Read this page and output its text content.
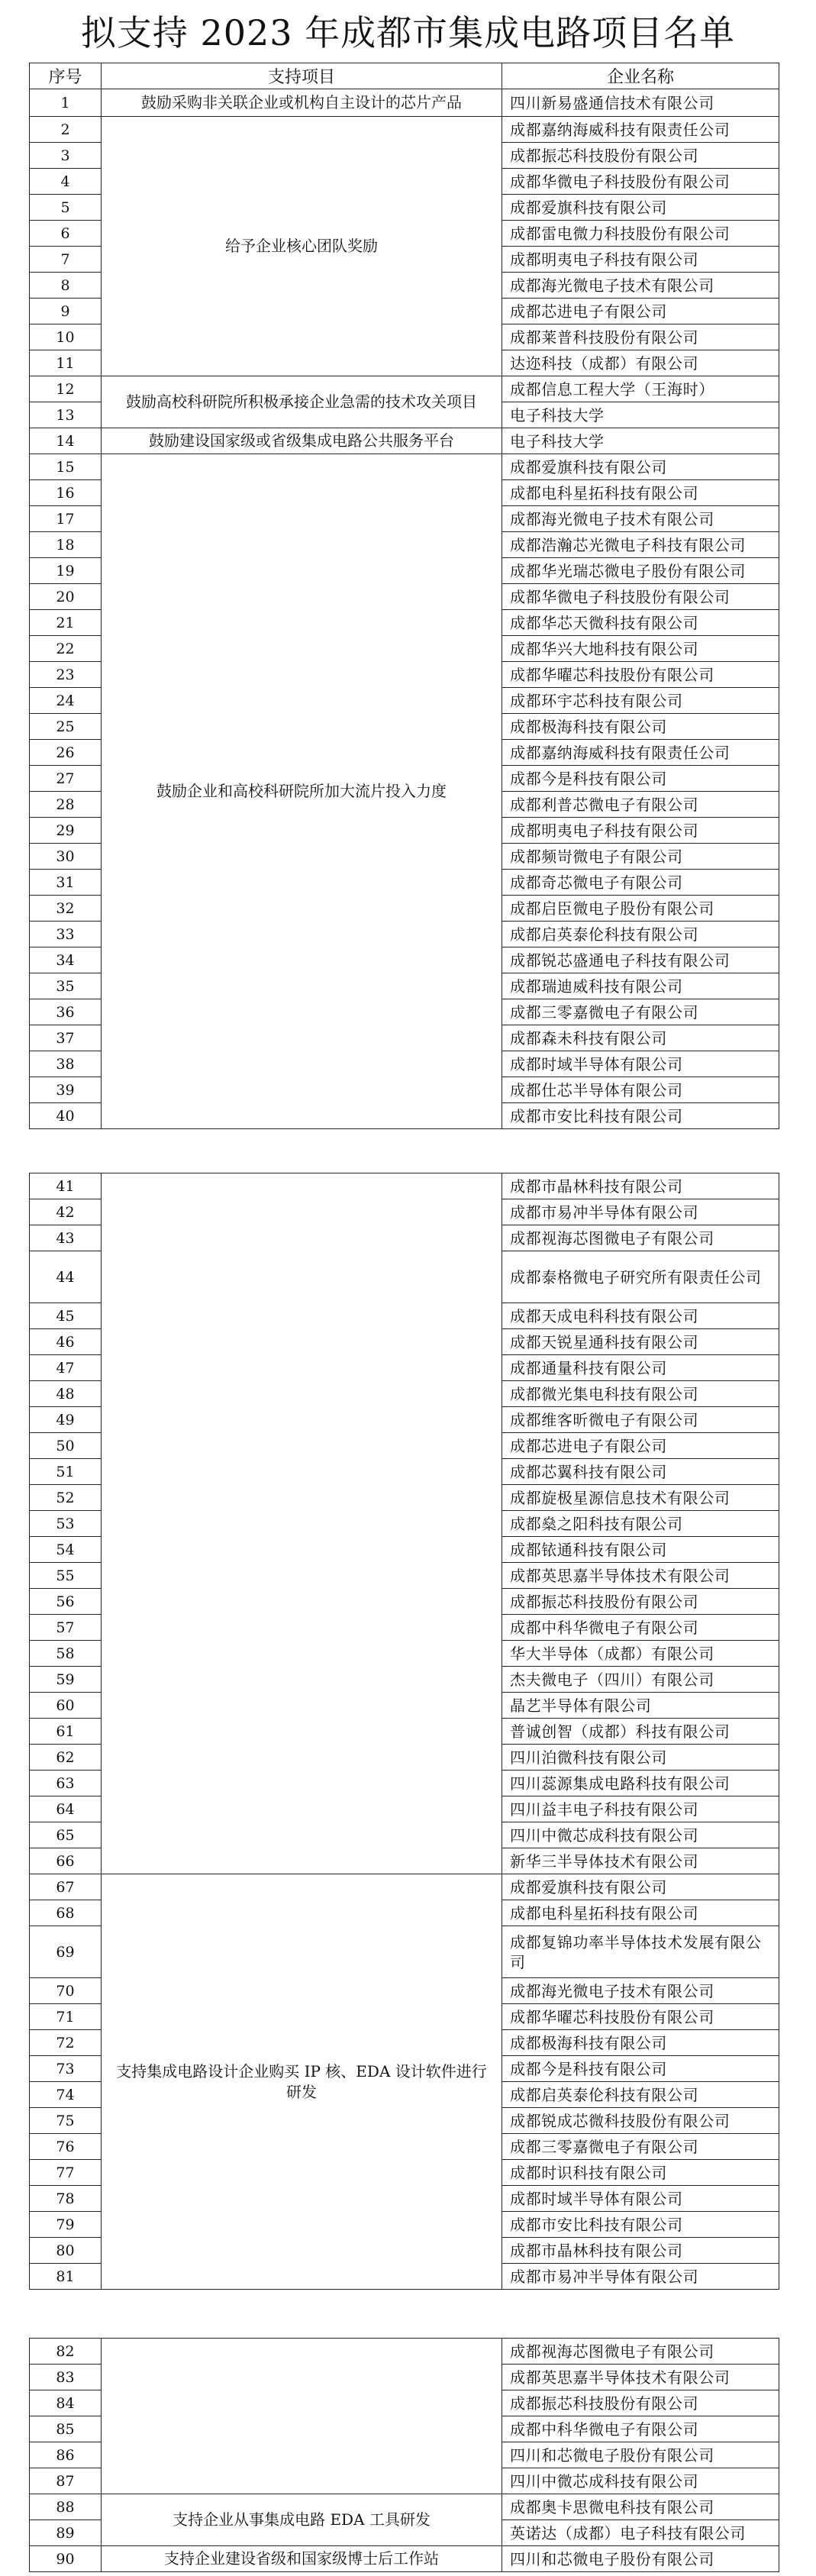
拟支持 2023 年成都市集成电路项目名单
序号	支持项目	企业名称
1	鼓励采购非关联企业或机构自主设计的芯片产品	四川新易盛通信技术有限公司
2	给予企业核心团队奖励	成都嘉纳海威科技有限责任公司
3		成都振芯科技股份有限公司
4		成都华微电子科技股份有限公司
5		成都爱旗科技有限公司
6		成都雷电微力科技股份有限公司
7		成都明夷电子科技有限公司
8		成都海光微电子技术有限公司
9		成都芯进电子有限公司
10		成都莱普科技股份有限公司
11		达迩科技（成都）有限公司
12	鼓励高校科研院所积极承接企业急需的技术攻关项目	成都信息工程大学（王海时）
13		电子科技大学
14	鼓励建设国家级或省级集成电路公共服务平台	电子科技大学
15	鼓励企业和高校科研院所加大流片投入力度	成都爱旗科技有限公司
16		成都电科星拓科技有限公司
17		成都海光微电子技术有限公司
18		成都浩瀚芯光微电子科技有限公司
19		成都华光瑞芯微电子股份有限公司
20		成都华微电子科技股份有限公司
21		成都华芯天微科技有限公司
22		成都华兴大地科技有限公司
23		成都华曜芯科技股份有限公司
24		成都环宇芯科技有限公司
25		成都极海科技有限公司
26		成都嘉纳海威科技有限责任公司
27		成都今是科技有限公司
28		成都利普芯微电子有限公司
29		成都明夷电子科技有限公司
30		成都频岢微电子有限公司
31		成都奇芯微电子有限公司
32		成都启臣微电子股份有限公司
33		成都启英泰伦科技有限公司
34		成都锐芯盛通电子科技有限公司
35		成都瑞迪威科技有限公司
36		成都三零嘉微电子有限公司
37		成都森未科技有限公司
38		成都时域半导体有限公司
39		成都仕芯半导体有限公司
40		成都市安比科技有限公司
41		成都市晶林科技有限公司
42		成都市易冲半导体有限公司
43		成都视海芯图微电子有限公司
44		成都泰格微电子研究所有限责任公司
45		成都天成电科科技有限公司
46		成都天锐星通科技有限公司
47		成都通量科技有限公司
48		成都微光集电科技有限公司
49		成都维客昕微电子有限公司
50		成都芯进电子有限公司
51		成都芯翼科技有限公司
52		成都旋极星源信息技术有限公司
53		成都燊之阳科技有限公司
54		成都铱通科技有限公司
55		成都英思嘉半导体技术有限公司
56		成都振芯科技股份有限公司
57		成都中科华微电子有限公司
58		华大半导体（成都）有限公司
59		杰夫微电子（四川）有限公司
60		晶艺半导体有限公司
61		普诚创智（成都）科技有限公司
62		四川泊微科技有限公司
63		四川蕊源集成电路科技有限公司
64		四川益丰电子科技有限公司
65		四川中微芯成科技有限公司
66		新华三半导体技术有限公司
67	支持集成电路设计企业购买 IP 核、EDA 设计软件进行研发	成都爱旗科技有限公司
68		成都电科星拓科技有限公司
69		成都复锦功率半导体技术发展有限公司
70		成都海光微电子技术有限公司
71		成都华曜芯科技股份有限公司
72		成都极海科技有限公司
73		成都今是科技有限公司
74		成都启英泰伦科技有限公司
75		成都锐成芯微科技股份有限公司
76		成都三零嘉微电子有限公司
77		成都时识科技有限公司
78		成都时域半导体有限公司
79		成都市安比科技有限公司
80		成都市晶林科技有限公司
81		成都市易冲半导体有限公司
82		成都视海芯图微电子有限公司
83		成都英思嘉半导体技术有限公司
84		成都振芯科技股份有限公司
85		成都中科华微电子有限公司
86		四川和芯微电子股份有限公司
87		四川中微芯成科技有限公司
88	支持企业从事集成电路 EDA 工具研发	成都奥卡思微电科技有限公司
89		英诺达（成都）电子科技有限公司
90	支持企业建设省级和国家级博士后工作站	四川和芯微电子股份有限公司
